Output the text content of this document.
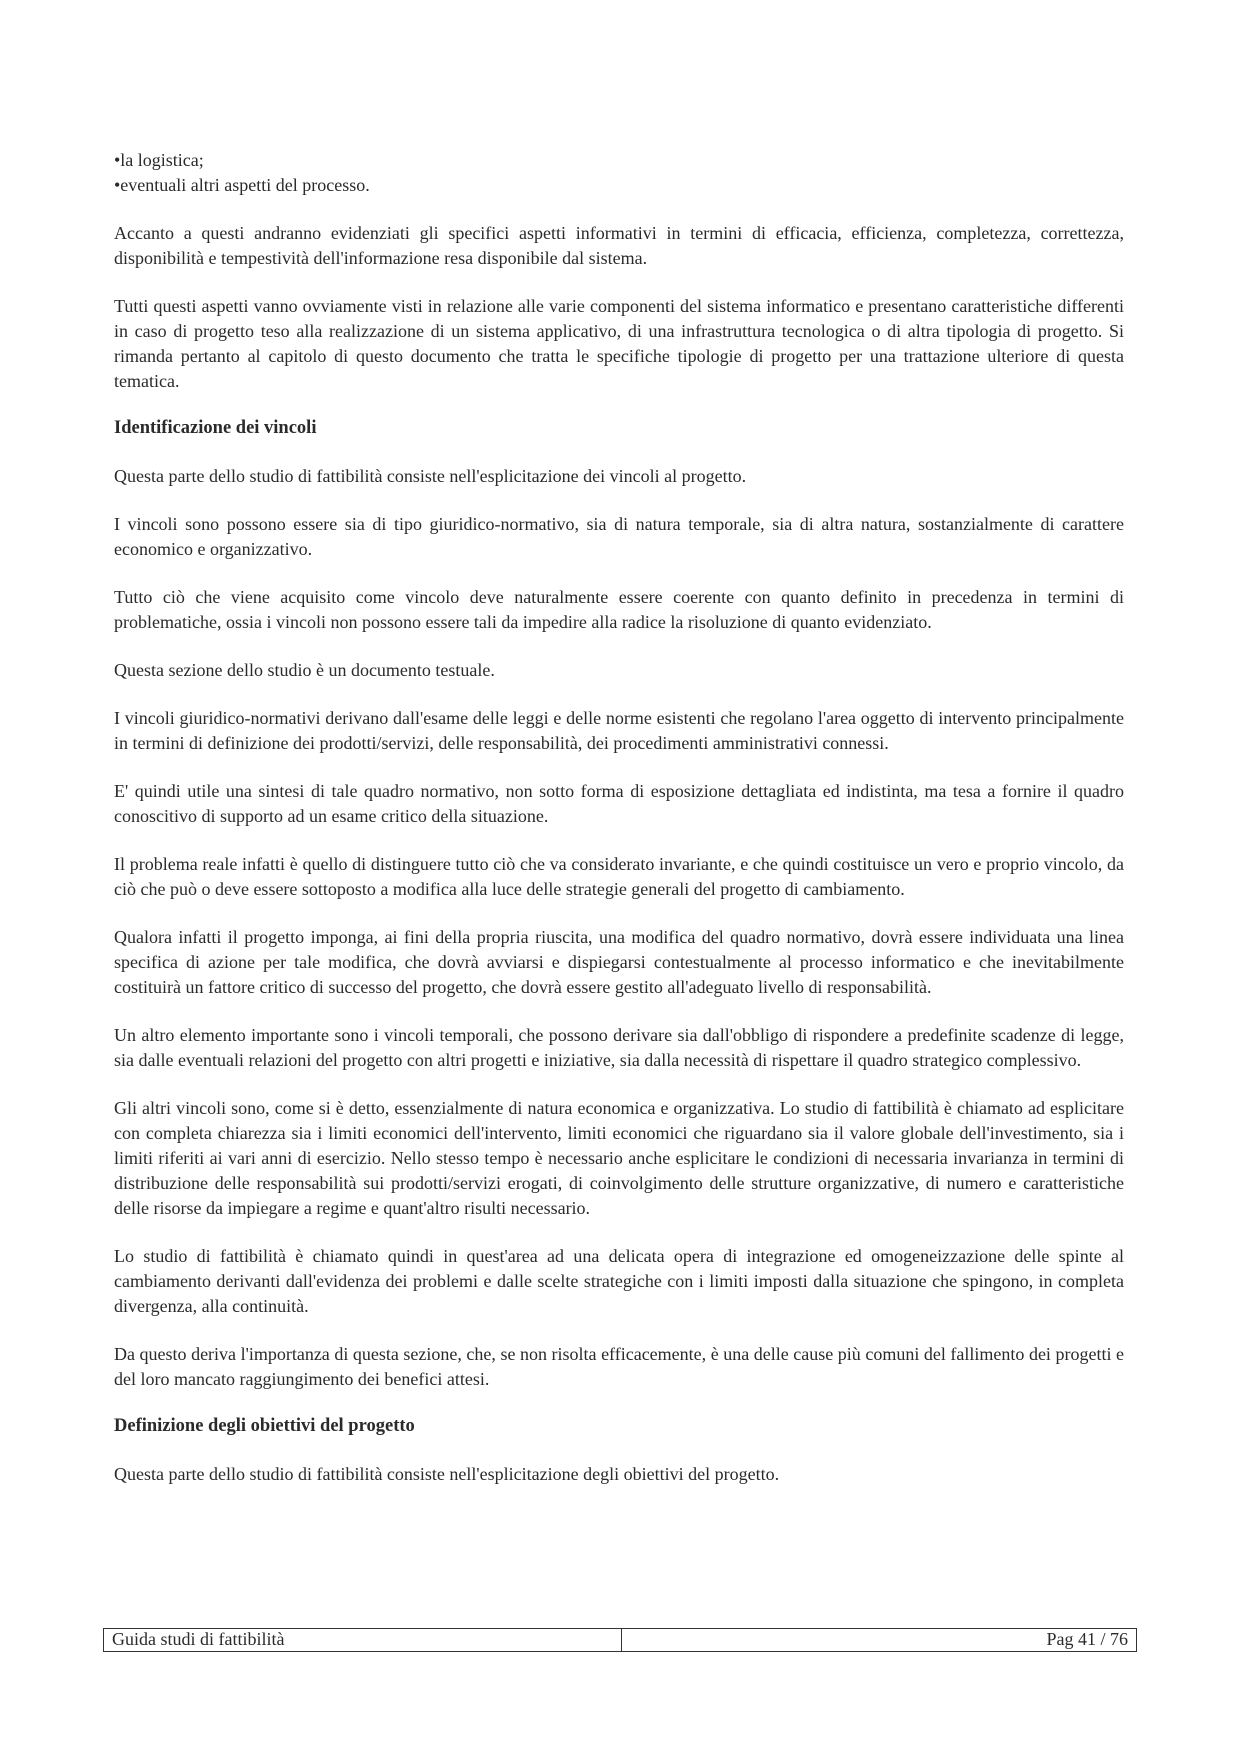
•la logistica;

•eventuali altri aspetti del processo.

Accanto a questi andranno evidenziati gli specifici aspetti informativi in termini di efficacia, efficienza, completezza, correttezza, disponibilità e tempestività dell'informazione resa disponibile dal sistema.

Tutti questi aspetti vanno ovviamente visti in relazione alle varie componenti del sistema informatico e presentano caratteristiche differenti in caso di progetto teso alla realizzazione di un sistema applicativo, di una infrastruttura tecnologica o di altra tipologia di progetto. Si rimanda pertanto al capitolo di questo documento che tratta le specifiche tipologie di progetto per una trattazione ulteriore di questa tematica.

Identificazione dei vincoli

Questa parte dello studio di fattibilità consiste nell'esplicitazione dei vincoli al progetto.

I vincoli sono possono essere sia di tipo giuridico-normativo, sia di natura temporale, sia di altra natura, sostanzialmente di carattere economico e organizzativo.

Tutto ciò che viene acquisito come vincolo deve naturalmente essere coerente con quanto definito in precedenza in termini di problematiche, ossia i vincoli non possono essere tali da impedire alla radice la risoluzione di quanto evidenziato.

Questa sezione dello studio è un documento testuale.

I vincoli giuridico-normativi derivano dall'esame delle leggi e delle norme esistenti che regolano l'area oggetto di intervento principalmente in termini di definizione dei prodotti/servizi, delle responsabilità, dei procedimenti amministrativi connessi.

E' quindi utile una sintesi di tale quadro normativo, non sotto forma di esposizione dettagliata ed indistinta, ma tesa a fornire il quadro conoscitivo di supporto ad un esame critico della situazione.

Il problema reale infatti è quello di distinguere tutto ciò che va considerato invariante, e che quindi costituisce un vero e proprio vincolo, da ciò che può o deve essere sottoposto a modifica alla luce delle strategie generali del progetto di cambiamento.

Qualora infatti il progetto imponga, ai fini della propria riuscita, una modifica del quadro normativo, dovrà essere individuata una linea specifica di azione per tale modifica, che dovrà avviarsi e dispiegarsi contestualmente al processo informatico e che inevitabilmente costituirà un fattore critico di successo del progetto, che dovrà essere gestito all'adeguato livello di responsabilità.

Un altro elemento importante sono i vincoli temporali, che possono derivare sia dall'obbligo di rispondere a predefinite scadenze di legge, sia dalle eventuali relazioni del progetto con altri progetti e iniziative, sia dalla necessità di rispettare il quadro strategico complessivo.

Gli altri vincoli sono, come si è detto, essenzialmente di natura economica e organizzativa. Lo studio di fattibilità è chiamato ad esplicitare con completa chiarezza sia i limiti economici dell'intervento, limiti economici che riguardano sia il valore globale dell'investimento, sia i limiti riferiti ai vari anni di esercizio. Nello stesso tempo è necessario anche esplicitare le condizioni di necessaria invarianza in termini di distribuzione delle responsabilità sui prodotti/servizi erogati, di coinvolgimento delle strutture organizzative, di numero e caratteristiche delle risorse da impiegare a regime e quant'altro risulti necessario.

Lo studio di fattibilità è chiamato quindi in quest'area ad una delicata opera di integrazione ed omogeneizzazione delle spinte al cambiamento derivanti dall'evidenza dei problemi e dalle scelte strategiche con i limiti imposti dalla situazione che spingono, in completa divergenza, alla continuità.

Da questo deriva l'importanza di questa sezione, che, se non risolta efficacemente, è una delle cause più comuni del fallimento dei progetti e del loro mancato raggiungimento dei benefici attesi.

Definizione degli obiettivi del progetto

Questa parte dello studio di fattibilità consiste nell'esplicitazione degli obiettivi del progetto.

Guida studi di fattibilità	Pag 41 / 76
